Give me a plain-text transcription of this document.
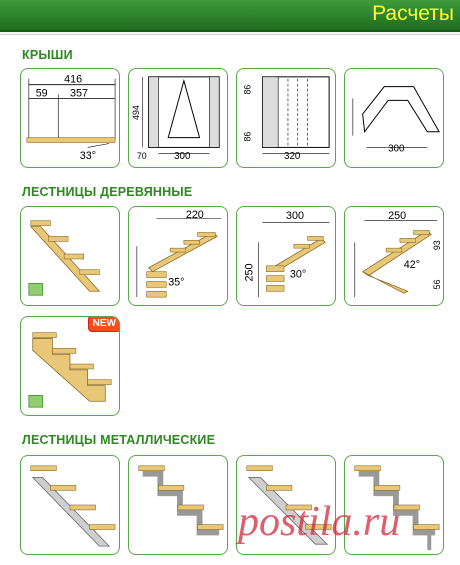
Расчеты
КРЫШИ
416
59 357
33°
494
70	300
86
86
320
300
ЛЕСТНИЦЫ ДЕРЕВЯННЫЕ
220
35°
300
250	30°
250
42°
93
56
NEW
ЛЕСТНИЦЫ МЕТАЛЛИЧЕСКИЕ
postila.ru
